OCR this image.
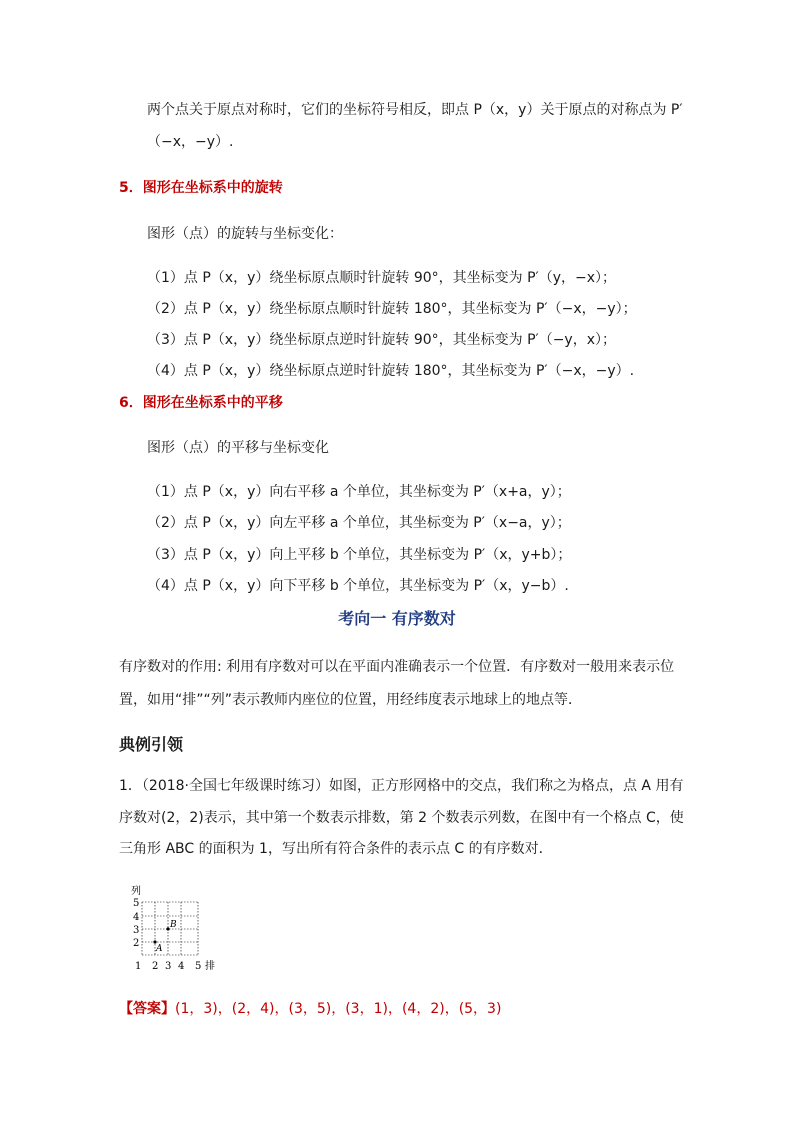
两个点关于原点对称时，它们的坐标符号相反，即点 P（x，y）关于原点的对称点为 P′
（−x，−y）.
5．图形在坐标系中的旋转
图形（点）的旋转与坐标变化：
（1）点 P（x，y）绕坐标原点顺时针旋转 90°，其坐标变为 P′（y，−x）；
（2）点 P（x，y）绕坐标原点顺时针旋转 180°，其坐标变为 P′（−x，−y）；
（3）点 P（x，y）绕坐标原点逆时针旋转 90°，其坐标变为 P′（−y，x）；
（4）点 P（x，y）绕坐标原点逆时针旋转 180°，其坐标变为 P′（−x，−y）.
6．图形在坐标系中的平移
图形（点）的平移与坐标变化
（1）点 P（x，y）向右平移 a 个单位，其坐标变为 P′（x+a，y）；
（2）点 P（x，y）向左平移 a 个单位，其坐标变为 P′（x−a，y）；
（3）点 P（x，y）向上平移 b 个单位，其坐标变为 P′（x，y+b）；
（4）点 P（x，y）向下平移 b 个单位，其坐标变为 P′（x，y−b）.
考向一 有序数对
有序数对的作用: 利用有序数对可以在平面内准确表示一个位置．有序数对一般用来表示位
置，如用“排”“列”表示教师内座位的位置，用经纬度表示地球上的地点等．
典例引领
1．（2018·全国七年级课时练习）如图，正方形网格中的交点，我们称之为格点，点 A 用有
序数对(2，2)表示，其中第一个数表示排数，第 2 个数表示列数，在图中有一个格点 C，使
三角形 ABC 的面积为 1，写出所有符合条件的表示点 C 的有序数对．
列
5
4
3
2
1 2 3 4 5 排
A
B
【答案】(1，3)，(2，4)，(3，5)，(3，1)，(4，2)，(5，3)
